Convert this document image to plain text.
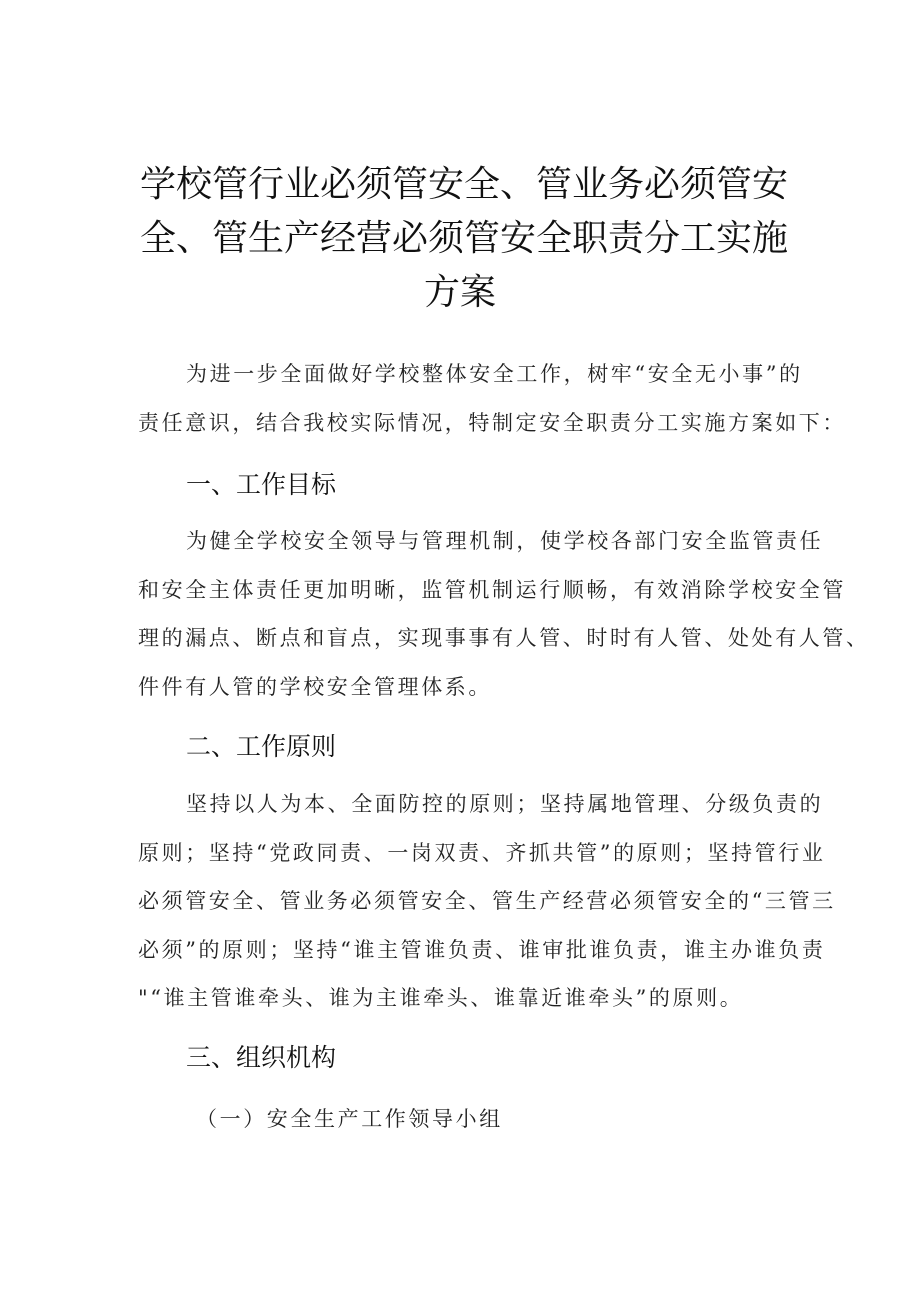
学校管行业必须管安全、管业务必须管安
全、管生产经营必须管安全职责分工实施
方案

为进一步全面做好学校整体安全工作，树牢“安全无小事”的
责任意识，结合我校实际情况，特制定安全职责分工实施方案如下：

一、工作目标

为健全学校安全领导与管理机制，使学校各部门安全监管责任
和安全主体责任更加明晰，监管机制运行顺畅，有效消除学校安全管
理的漏点、断点和盲点，实现事事有人管、时时有人管、处处有人管、
件件有人管的学校安全管理体系。

二、工作原则

坚持以人为本、全面防控的原则；坚持属地管理、分级负责的
原则；坚持“党政同责、一岗双责、齐抓共管”的原则；坚持管行业
必须管安全、管业务必须管安全、管生产经营必须管安全的“三管三
必须”的原则；坚持“谁主管谁负责、谁审批谁负责，谁主办谁负责
"“谁主管谁牵头、谁为主谁牵头、谁靠近谁牵头”的原则。

三、组织机构

（一）安全生产工作领导小组
